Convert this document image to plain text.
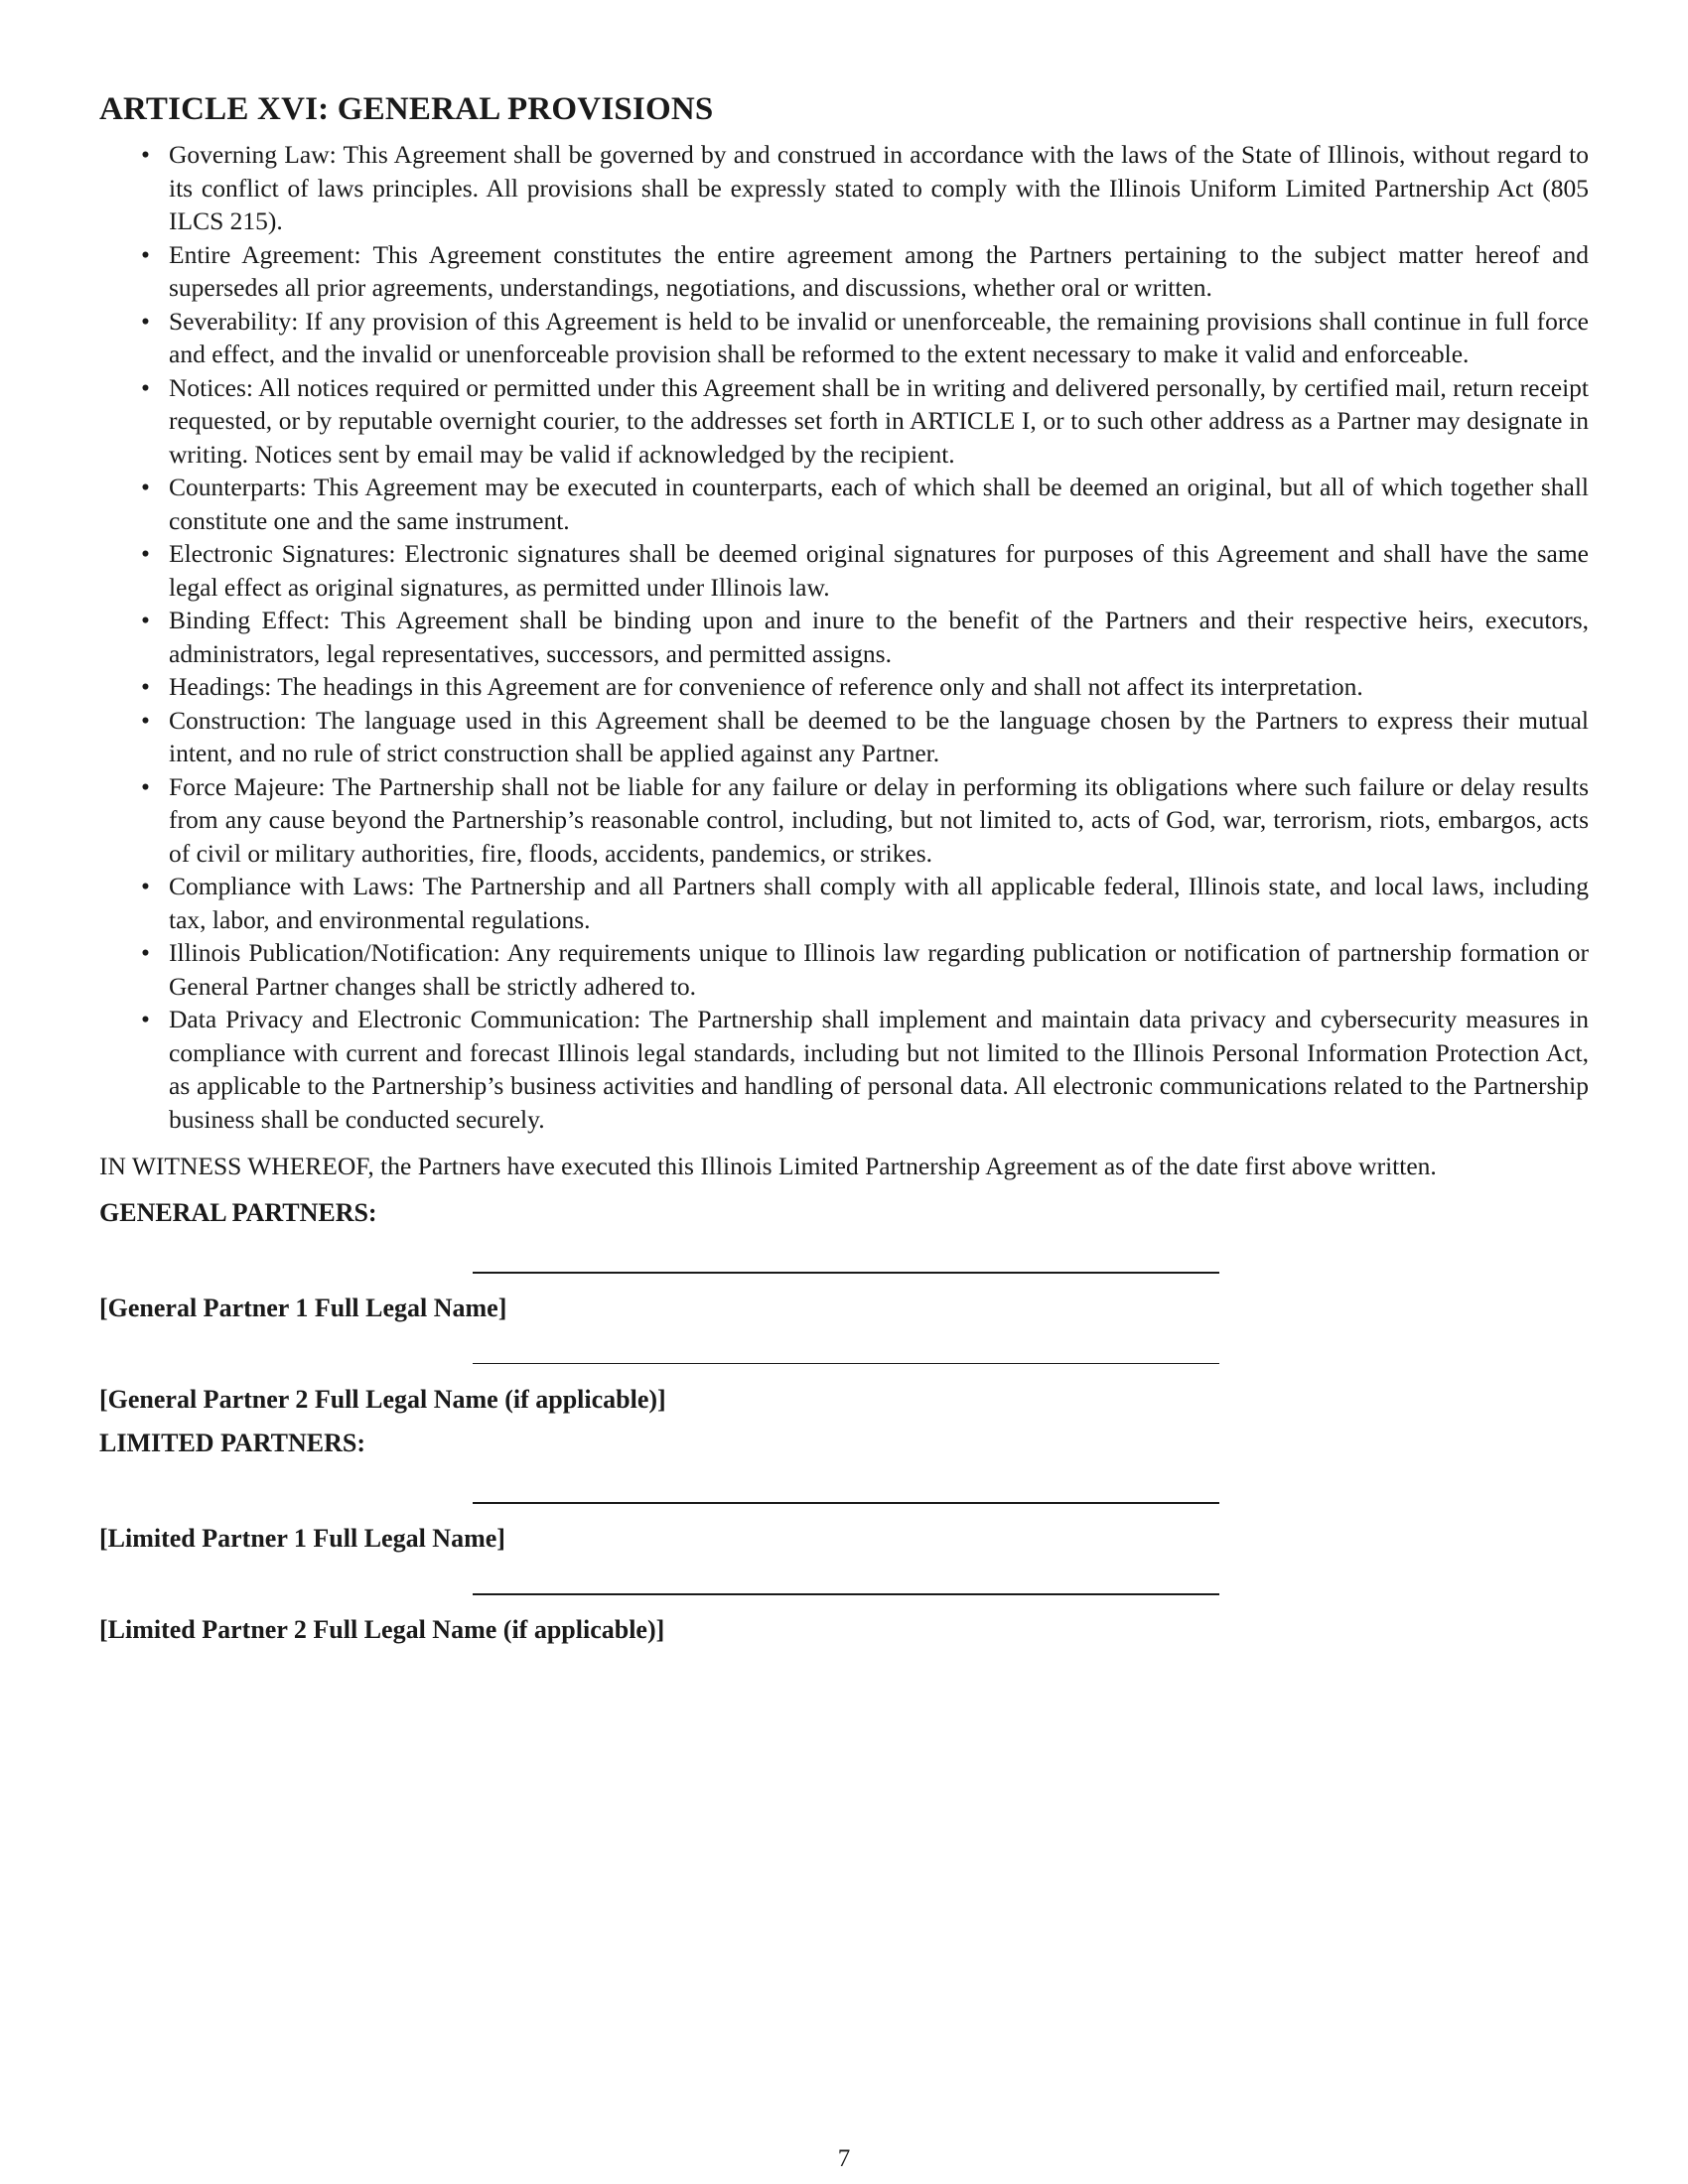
ARTICLE XVI: GENERAL PROVISIONS
• Governing Law: This Agreement shall be governed by and construed in accordance with the laws of the State of Illinois, without regard to its conflict of laws principles. All provisions shall be expressly stated to comply with the Illinois Uniform Limited Partnership Act (805 ILCS 215).
• Entire Agreement: This Agreement constitutes the entire agreement among the Partners pertaining to the subject matter hereof and supersedes all prior agreements, understandings, negotiations, and discussions, whether oral or written.
• Severability: If any provision of this Agreement is held to be invalid or unenforceable, the remaining provisions shall continue in full force and effect, and the invalid or unenforceable provision shall be reformed to the extent necessary to make it valid and enforceable.
• Notices: All notices required or permitted under this Agreement shall be in writing and delivered personally, by certified mail, return receipt requested, or by reputable overnight courier, to the addresses set forth in ARTICLE I, or to such other address as a Partner may designate in writing. Notices sent by email may be valid if acknowledged by the recipient.
• Counterparts: This Agreement may be executed in counterparts, each of which shall be deemed an original, but all of which together shall constitute one and the same instrument.
• Electronic Signatures: Electronic signatures shall be deemed original signatures for purposes of this Agreement and shall have the same legal effect as original signatures, as permitted under Illinois law.
• Binding Effect: This Agreement shall be binding upon and inure to the benefit of the Partners and their respective heirs, executors, administrators, legal representatives, successors, and permitted assigns.
• Headings: The headings in this Agreement are for convenience of reference only and shall not affect its interpretation.
• Construction: The language used in this Agreement shall be deemed to be the language chosen by the Partners to express their mutual intent, and no rule of strict construction shall be applied against any Partner.
• Force Majeure: The Partnership shall not be liable for any failure or delay in performing its obligations where such failure or delay results from any cause beyond the Partnership’s reasonable control, including, but not limited to, acts of God, war, terrorism, riots, embargos, acts of civil or military authorities, fire, floods, accidents, pandemics, or strikes.
• Compliance with Laws: The Partnership and all Partners shall comply with all applicable federal, Illinois state, and local laws, including tax, labor, and environmental regulations.
• Illinois Publication/Notification: Any requirements unique to Illinois law regarding publication or notification of partnership formation or General Partner changes shall be strictly adhered to.
• Data Privacy and Electronic Communication: The Partnership shall implement and maintain data privacy and cybersecurity measures in compliance with current and forecast Illinois legal standards, including but not limited to the Illinois Personal Information Protection Act, as applicable to the Partnership’s business activities and handling of personal data. All electronic communications related to the Partnership business shall be conducted securely.

IN WITNESS WHEREOF, the Partners have executed this Illinois Limited Partnership Agreement as of the date first above written.

GENERAL PARTNERS:

[General Partner 1 Full Legal Name]

[General Partner 2 Full Legal Name (if applicable)]

LIMITED PARTNERS:

[Limited Partner 1 Full Legal Name]

[Limited Partner 2 Full Legal Name (if applicable)]

7
